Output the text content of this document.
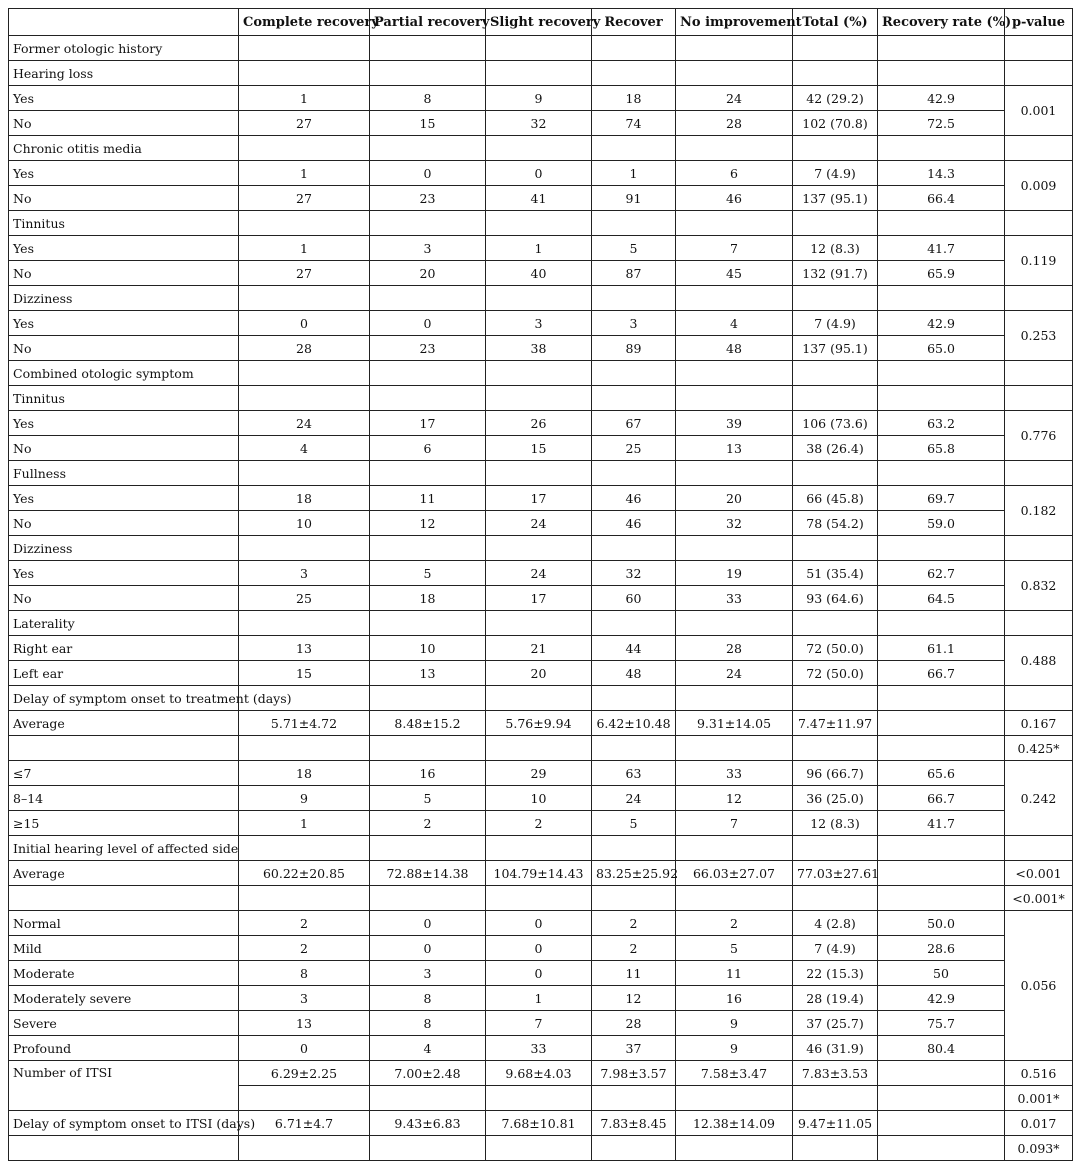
	Complete recovery	Partial recovery	Slight recovery	Recover	No improvement	Total (%)	Recovery rate (%)	p-value
Former otologic history								
Hearing loss								
Yes	1	8	9	18	24	42 (29.2)	42.9	0.001
No	27	15	32	74	28	102 (70.8)	72.5	
Chronic otitis media								
Yes	1	0	0	1	6	7 (4.9)	14.3	0.009
No	27	23	41	91	46	137 (95.1)	66.4	
Tinnitus								
Yes	1	3	1	5	7	12 (8.3)	41.7	0.119
No	27	20	40	87	45	132 (91.7)	65.9	
Dizziness								
Yes	0	0	3	3	4	7 (4.9)	42.9	0.253
No	28	23	38	89	48	137 (95.1)	65.0	
Combined otologic symptom								
Tinnitus								
Yes	24	17	26	67	39	106 (73.6)	63.2	0.776
No	4	6	15	25	13	38 (26.4)	65.8	
Fullness								
Yes	18	11	17	46	20	66 (45.8)	69.7	0.182
No	10	12	24	46	32	78 (54.2)	59.0	
Dizziness								
Yes	3	5	24	32	19	51 (35.4)	62.7	0.832
No	25	18	17	60	33	93 (64.6)	64.5	
Laterality								
Right ear	13	10	21	44	28	72 (50.0)	61.1	0.488
Left ear	15	13	20	48	24	72 (50.0)	66.7	
Delay of symptom onset to treatment (days)								
Average	5.71±4.72	8.48±15.2	5.76±9.94	6.42±10.48	9.31±14.05	7.47±11.97		0.167
								0.425*
≤7	18	16	29	63	33	96 (66.7)	65.6	0.242
8–14	9	5	10	24	12	36 (25.0)	66.7	
≥15	1	2	2	5	7	12 (8.3)	41.7	
Initial hearing level of affected side								
Average	60.22±20.85	72.88±14.38	104.79±14.43	83.25±25.92	66.03±27.07	77.03±27.61		<0.001
								<0.001*
Normal	2	0	0	2	2	4 (2.8)	50.0	0.056
Mild	2	0	0	2	5	7 (4.9)	28.6	
Moderate	8	3	0	11	11	22 (15.3)	50	
Moderately severe	3	8	1	12	16	28 (19.4)	42.9	
Severe	13	8	7	28	9	37 (25.7)	75.7	
Profound	0	4	33	37	9	46 (31.9)	80.4	
Number of ITSI	6.29±2.25	7.00±2.48	9.68±4.03	7.98±3.57	7.58±3.47	7.83±3.53		0.516
								0.001*
Delay of symptom onset to ITSI (days)	6.71±4.7	9.43±6.83	7.68±10.81	7.83±8.45	12.38±14.09	9.47±11.05		0.017
								0.093*
